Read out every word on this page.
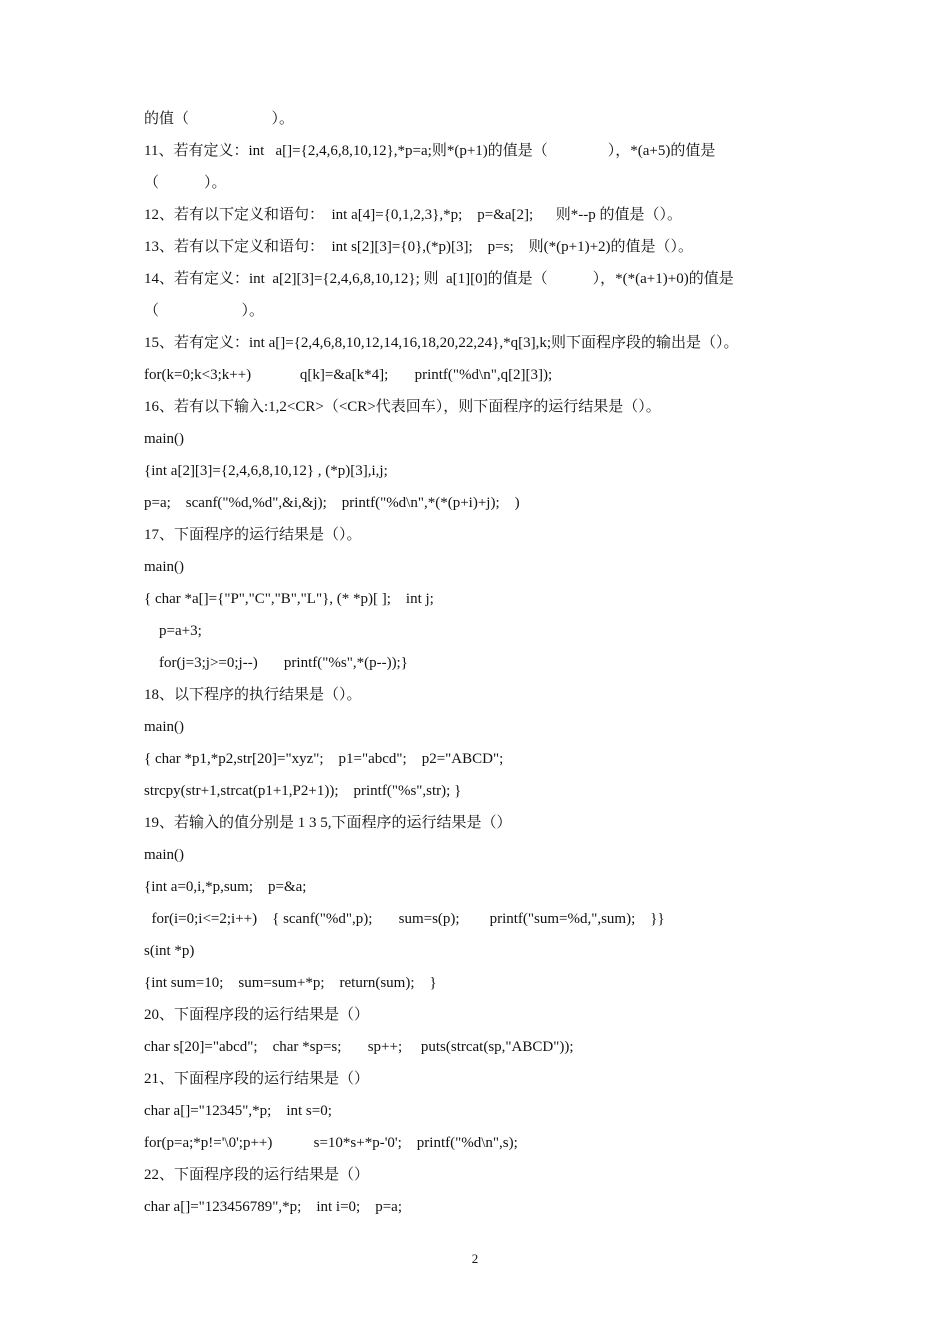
的值（                      ）。

11、若有定义：int   a[]={2,4,6,8,10,12},*p=a;则*(p+1)的值是（                ），*(a+5)的值是

（            ）。

12、若有以下定义和语句：  int a[4]={0,1,2,3},*p;    p=&a[2];      则*--p 的值是（）。

13、若有以下定义和语句：  int s[2][3]={0},(*p)[3];    p=s;    则(*(p+1)+2)的值是（）。

14、若有定义：int  a[2][3]={2,4,6,8,10,12}; 则  a[1][0]的值是（            ），*(*(a+1)+0)的值是

（                      ）。

15、若有定义：int a[]={2,4,6,8,10,12,14,16,18,20,22,24},*q[3],k;则下面程序段的输出是（）。

for(k=0;k<3;k++)             q[k]=&a[k*4];       printf("%d\n",q[2][3]);

16、若有以下输入:1,2<CR>（<CR>代表回车），则下面程序的运行结果是（）。

main()

{int a[2][3]={2,4,6,8,10,12} , (*p)[3],i,j;

p=a;    scanf("%d,%d",&i,&j);    printf("%d\n",*(*(p+i)+j);    )

17、下面程序的运行结果是（）。

main()

{ char *a[]={"P","C","B","L"}, (* *p)[ ];    int j;

p=a+3;

for(j=3;j>=0;j--)       printf("%s",*(p--));}

18、以下程序的执行结果是（）。

main()

{ char *p1,*p2,str[20]="xyz";    p1="abcd";    p2="ABCD";

strcpy(str+1,strcat(p1+1,P2+1));    printf("%s",str); }

19、若输入的值分别是 1 3 5,下面程序的运行结果是（）

main()

{int a=0,i,*p,sum;    p=&a;

for(i=0;i<=2;i++)    { scanf("%d",p);       sum=s(p);        printf("sum=%d,",sum);    }}

s(int *p)

{int sum=10;    sum=sum+*p;    return(sum);    }

20、下面程序段的运行结果是（）

char s[20]="abcd";    char *sp=s;       sp++;     puts(strcat(sp,"ABCD"));

21、下面程序段的运行结果是（）

char a[]="12345",*p;    int s=0;

for(p=a;*p!='\0';p++)           s=10*s+*p-'0';    printf("%d\n",s);

22、下面程序段的运行结果是（）

char a[]="123456789",*p;    int i=0;    p=a;

2
